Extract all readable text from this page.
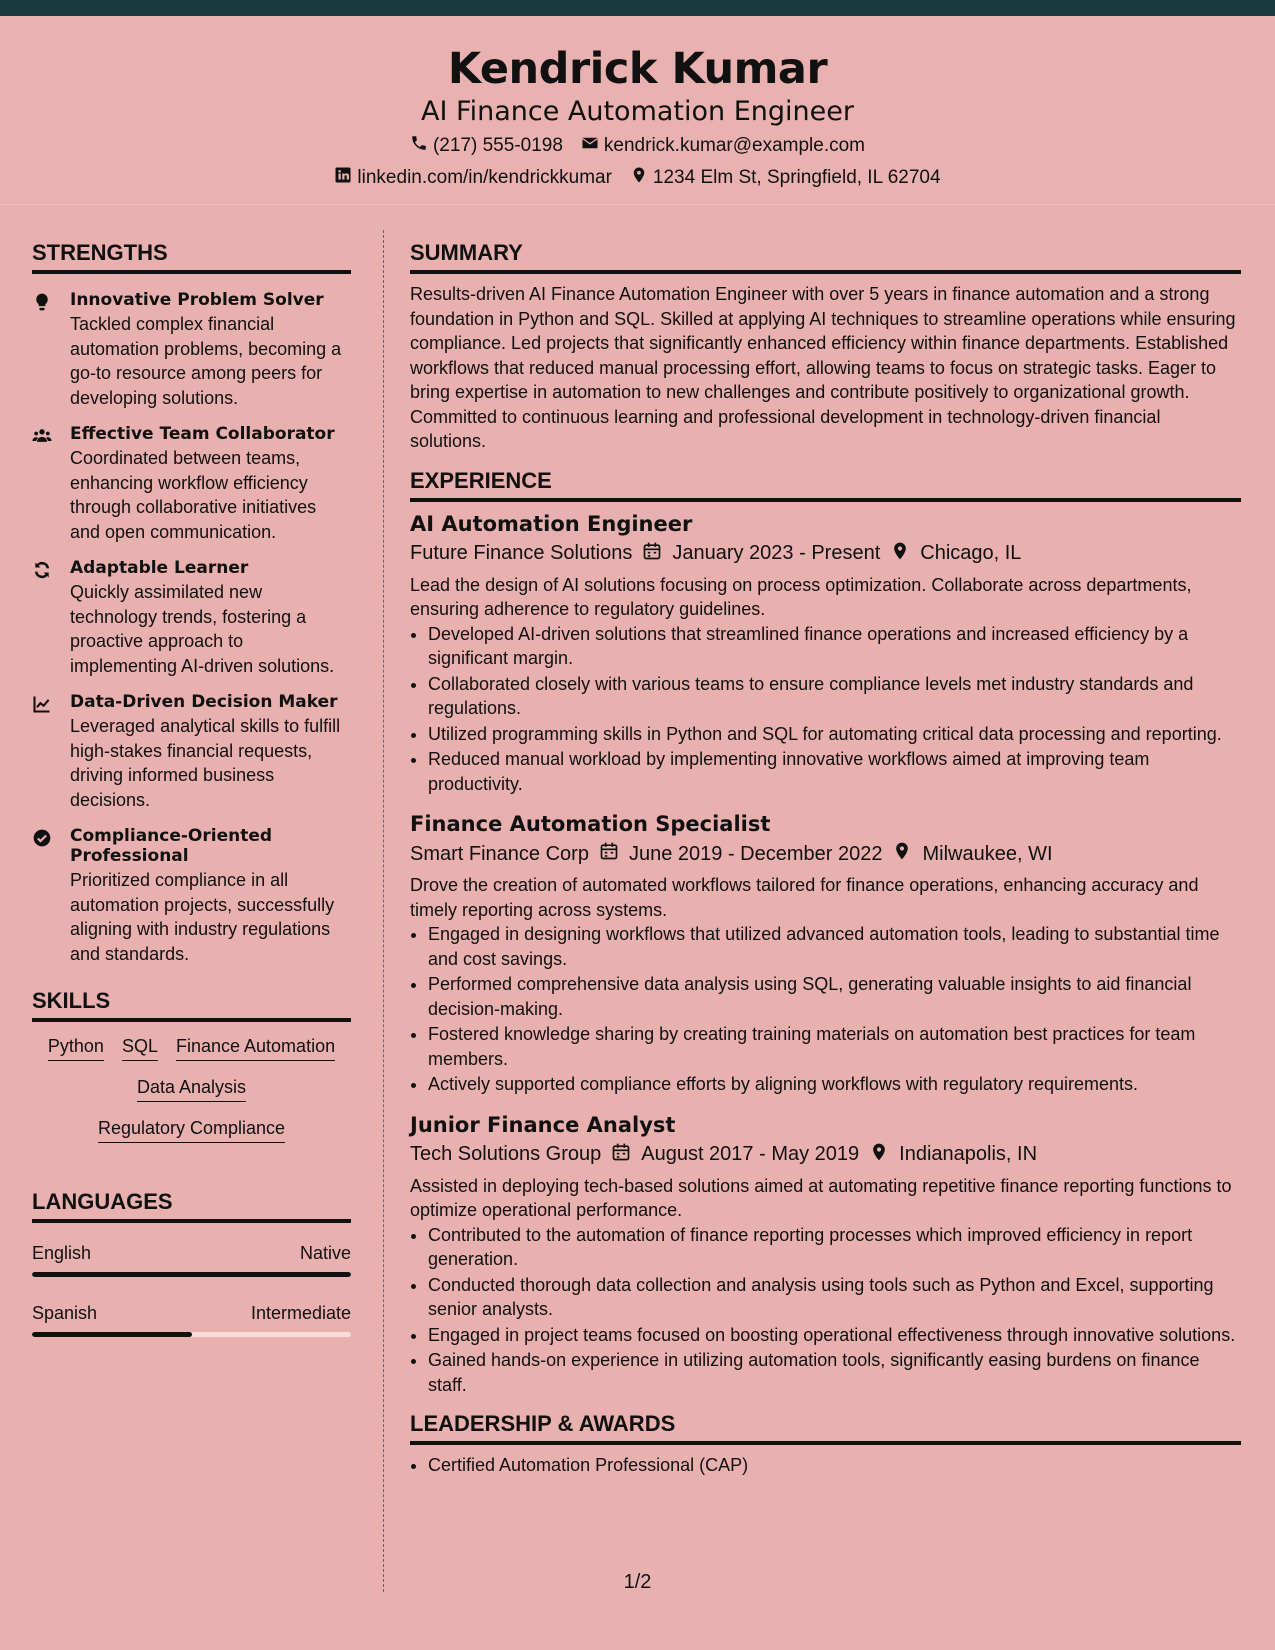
Kendrick Kumar
AI Finance Automation Engineer
(217) 555-0198 kendrick.kumar@example.com
linkedin.com/in/kendrickkumar 1234 Elm St, Springfield, IL 62704
STRENGTHS
Innovative Problem Solver

Tackled complex financial automation problems, becoming a go-to resource among peers for developing solutions.

Effective Team Collaborator

Coordinated between teams, enhancing workflow efficiency through collaborative initiatives and open communication.

Adaptable Learner

Quickly assimilated new technology trends, fostering a proactive approach to implementing AI-driven solutions.

Data-Driven Decision Maker

Leveraged analytical skills to fulfill high-stakes financial requests, driving informed business decisions.

Compliance-Oriented Professional

Prioritized compliance in all automation projects, successfully aligning with industry regulations and standards.

SKILLS
Python SQL Finance Automation
Data Analysis
Regulatory Compliance
LANGUAGES
English	Native
Spanish	Intermediate
SUMMARY

Results-driven AI Finance Automation Engineer with over 5 years in finance automation and a strong foundation in Python and SQL. Skilled at applying AI techniques to streamline operations while ensuring compliance. Led projects that significantly enhanced efficiency within finance departments. Established workflows that reduced manual processing effort, allowing teams to focus on strategic tasks. Eager to bring expertise in automation to new challenges and contribute positively to organizational growth. Committed to continuous learning and professional development in technology-driven financial solutions.

EXPERIENCE
AI Automation Engineer
Future Finance Solutions January 2023 - Present Chicago, IL

Lead the design of AI solutions focusing on process optimization. Collaborate across departments, ensuring adherence to regulatory guidelines.

• Developed AI-driven solutions that streamlined finance operations and increased efficiency by a significant margin.
• Collaborated closely with various teams to ensure compliance levels met industry standards and regulations.
• Utilized programming skills in Python and SQL for automating critical data processing and reporting.
• Reduced manual workload by implementing innovative workflows aimed at improving team productivity.
Finance Automation Specialist
Smart Finance Corp June 2019 - December 2022 Milwaukee, WI

Drove the creation of automated workflows tailored for finance operations, enhancing accuracy and timely reporting across systems.

• Engaged in designing workflows that utilized advanced automation tools, leading to substantial time and cost savings.
• Performed comprehensive data analysis using SQL, generating valuable insights to aid financial decision-making.
• Fostered knowledge sharing by creating training materials on automation best practices for team members.
• Actively supported compliance efforts by aligning workflows with regulatory requirements.
Junior Finance Analyst
Tech Solutions Group August 2017 - May 2019 Indianapolis, IN

Assisted in deploying tech-based solutions aimed at automating repetitive finance reporting functions to optimize operational performance.

• Contributed to the automation of finance reporting processes which improved efficiency in report generation.
• Conducted thorough data collection and analysis using tools such as Python and Excel, supporting senior analysts.
• Engaged in project teams focused on boosting operational effectiveness through innovative solutions.
• Gained hands-on experience in utilizing automation tools, significantly easing burdens on finance staff.
LEADERSHIP & AWARDS
• Certified Automation Professional (CAP)
1/2
